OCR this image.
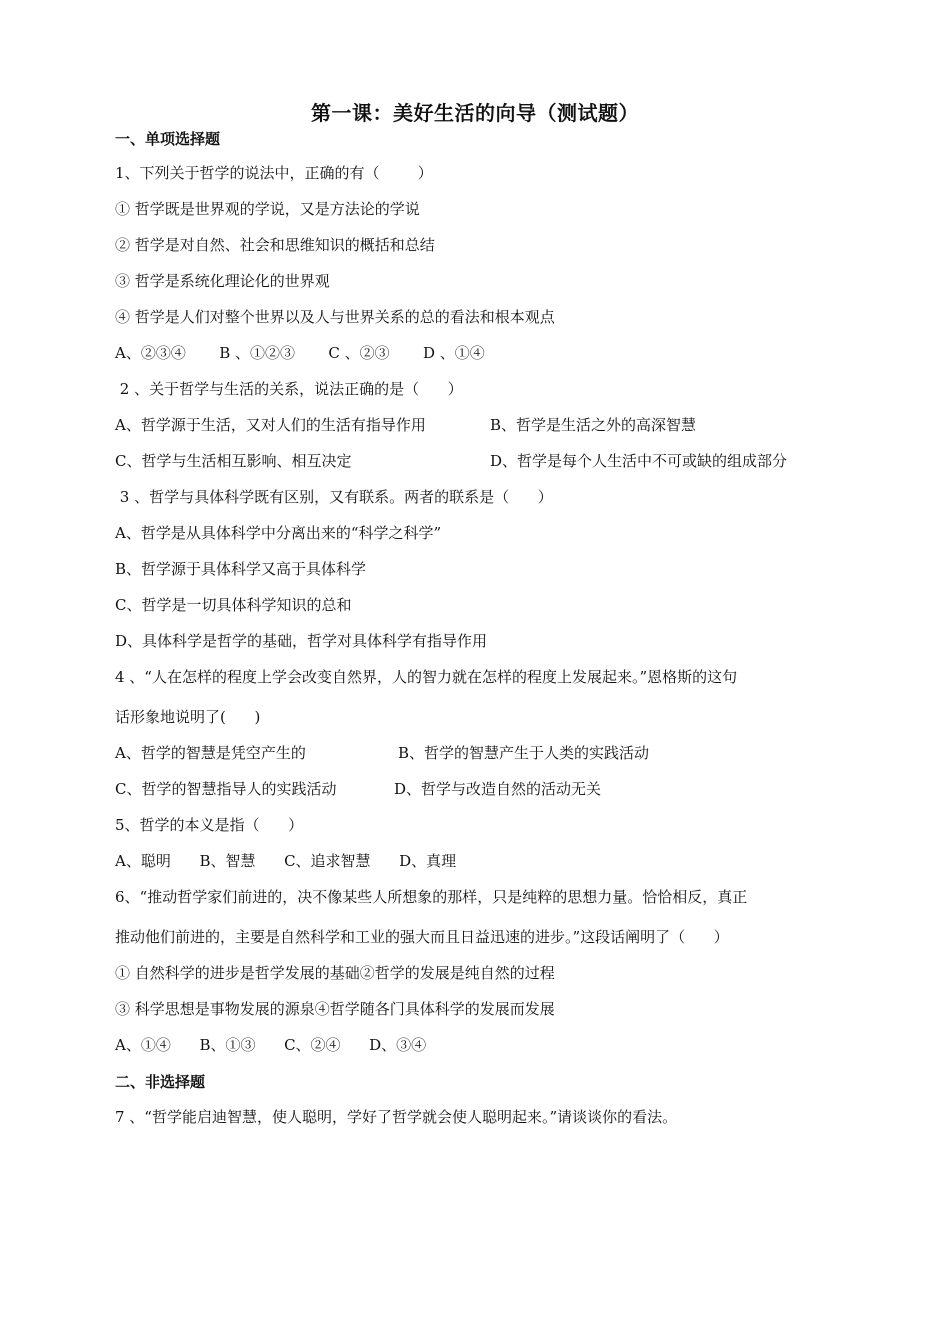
第一课：美好生活的向导（测试题）
一、单项选择题
1、下列关于哲学的说法中，正确的有（        ）
① 哲学既是世界观的学说，又是方法论的学说
② 哲学是对自然、社会和思维知识的概括和总结
③ 哲学是系统化理论化的世界观
④ 哲学是人们对整个世界以及人与世界关系的总的看法和根本观点
A、②③④       B 、①②③       C 、②③       D 、①④
2 、关于哲学与生活的关系，说法正确的是（      ）
A、哲学源于生活，又对人们的生活有指导作用	B、哲学是生活之外的高深智慧
C、哲学与生活相互影响、相互决定	D、哲学是每个人生活中不可或缺的组成部分
3 、哲学与具体科学既有区别，又有联系。两者的联系是（      ）
A、哲学是从具体科学中分离出来的“科学之科学”
B、哲学源于具体科学又高于具体科学
C、哲学是一切具体科学知识的总和
D、具体科学是哲学的基础，哲学对具体科学有指导作用
4 、“人在怎样的程度上学会改变自然界，人的智力就在怎样的程度上发展起来。”恩格斯的这句
话形象地说明了(      )
A、哲学的智慧是凭空产生的	B、哲学的智慧产生于人类的实践活动
C、哲学的智慧指导人的实践活动	D、哲学与改造自然的活动无关
5、哲学的本义是指（      ）
A、聪明      B、智慧      C、追求智慧      D、真理
6、“推动哲学家们前进的，决不像某些人所想象的那样，只是纯粹的思想力量。恰恰相反，真正
推动他们前进的，主要是自然科学和工业的强大而且日益迅速的进步。”这段话阐明了（      ）
① 自然科学的进步是哲学发展的基础②哲学的发展是纯自然的过程
③ 科学思想是事物发展的源泉④哲学随各门具体科学的发展而发展
A、①④      B、①③      C、②④      D、③④
二、非选择题
7 、“哲学能启迪智慧，使人聪明，学好了哲学就会使人聪明起来。”请谈谈你的看法。
